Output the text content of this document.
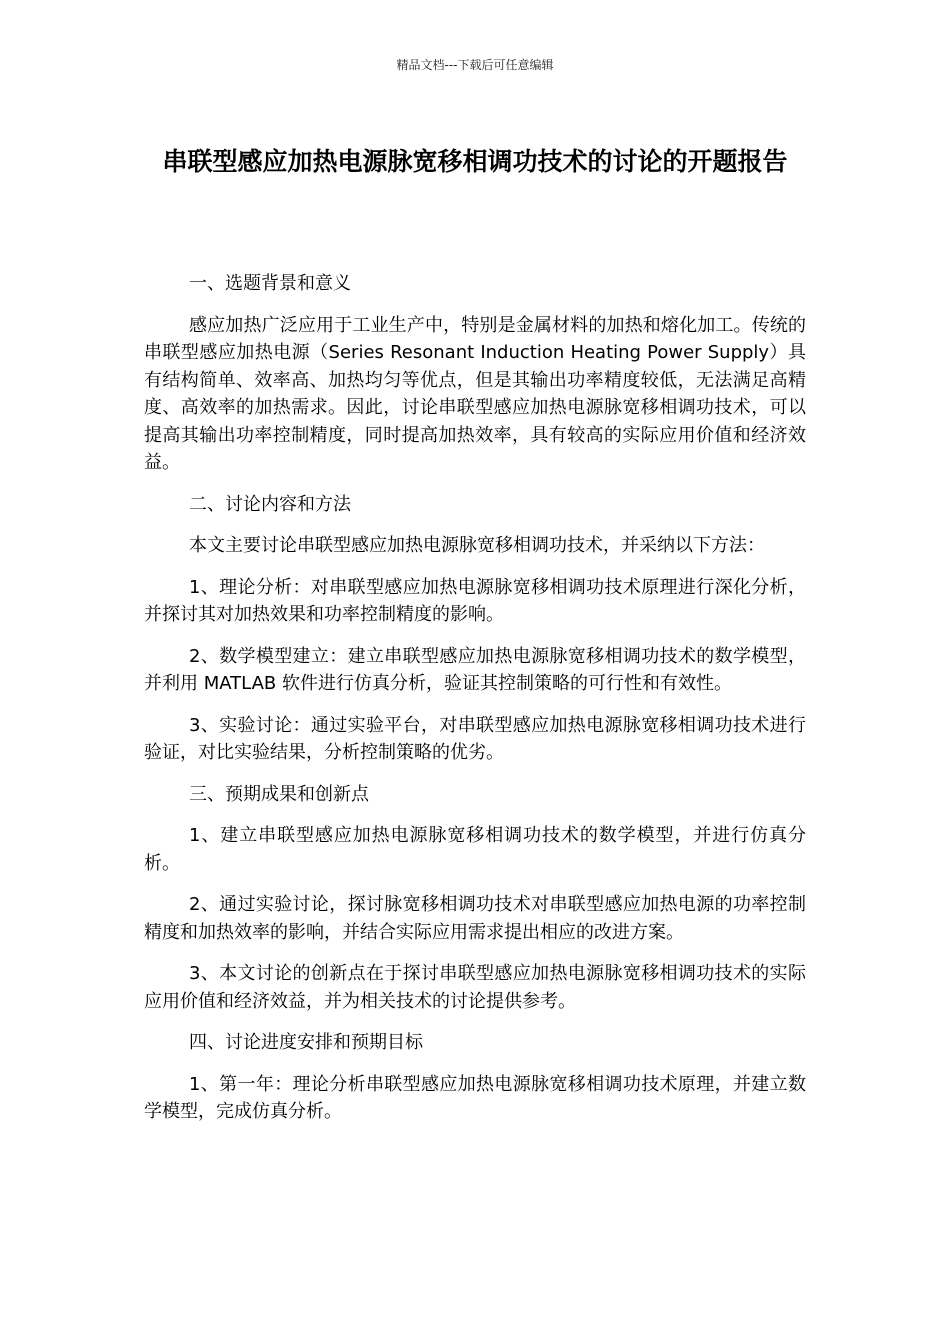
精品文档---下载后可任意编辑
串联型感应加热电源脉宽移相调功技术的讨论的开题报告

一、选题背景和意义

感应加热广泛应用于工业生产中，特别是金属材料的加热和熔化加工。传统的串联型感应加热电源（Series Resonant Induction Heating Power Supply）具有结构简单、效率高、加热均匀等优点，但是其输出功率精度较低，无法满足高精度、高效率的加热需求。因此，讨论串联型感应加热电源脉宽移相调功技术，可以提高其输出功率控制精度，同时提高加热效率，具有较高的实际应用价值和经济效益。

二、讨论内容和方法

本文主要讨论串联型感应加热电源脉宽移相调功技术，并采纳以下方法：

1、理论分析：对串联型感应加热电源脉宽移相调功技术原理进行深化分析，并探讨其对加热效果和功率控制精度的影响。

2、数学模型建立：建立串联型感应加热电源脉宽移相调功技术的数学模型，并利用 MATLAB 软件进行仿真分析，验证其控制策略的可行性和有效性。

3、实验讨论：通过实验平台，对串联型感应加热电源脉宽移相调功技术进行验证，对比实验结果，分析控制策略的优劣。

三、预期成果和创新点

1、建立串联型感应加热电源脉宽移相调功技术的数学模型，并进行仿真分析。

2、通过实验讨论，探讨脉宽移相调功技术对串联型感应加热电源的功率控制精度和加热效率的影响，并结合实际应用需求提出相应的改进方案。

3、本文讨论的创新点在于探讨串联型感应加热电源脉宽移相调功技术的实际应用价值和经济效益，并为相关技术的讨论提供参考。

四、讨论进度安排和预期目标

1、第一年：理论分析串联型感应加热电源脉宽移相调功技术原理，并建立数学模型，完成仿真分析。
